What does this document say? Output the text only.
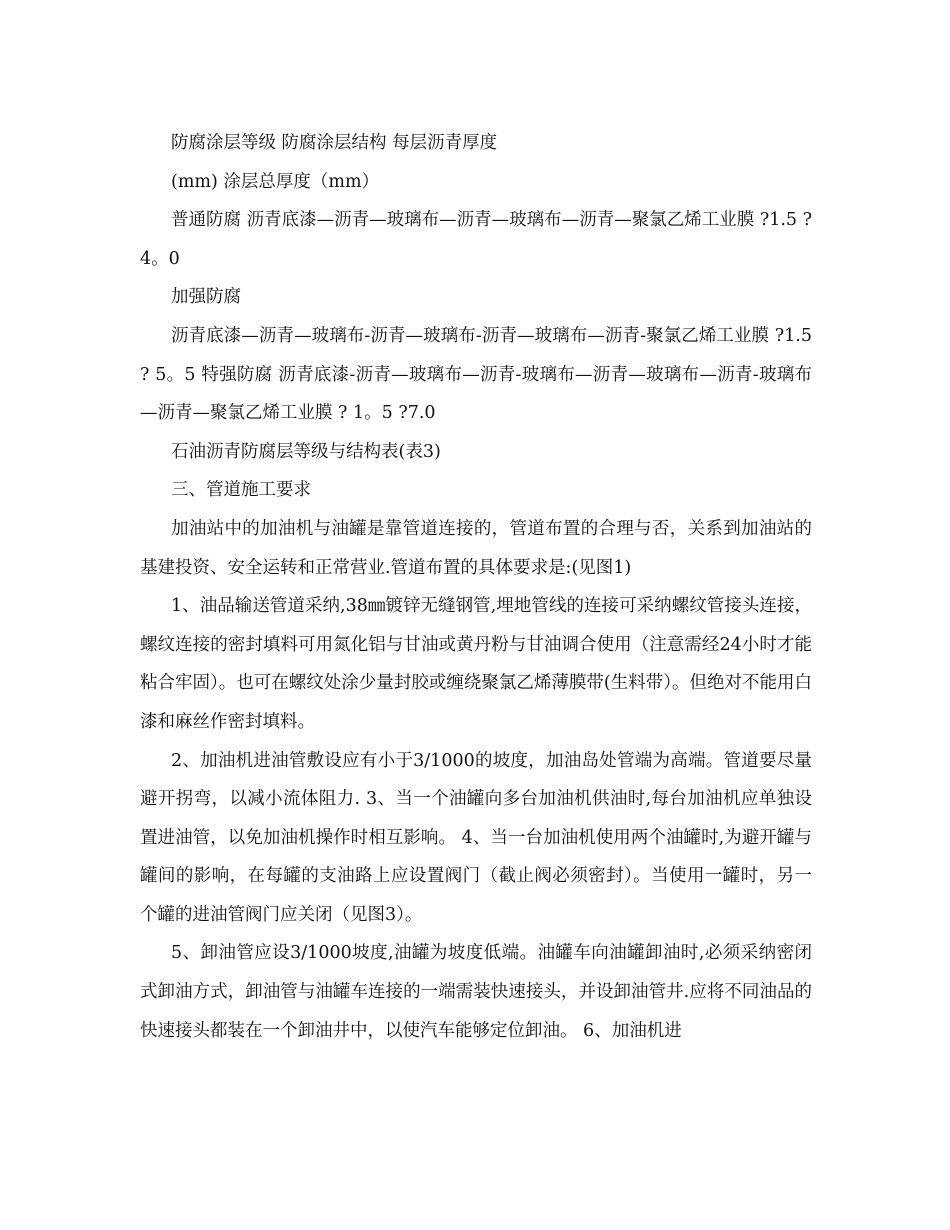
防腐涂层等级 防腐涂层结构 每层沥青厚度

(mm) 涂层总厚度（mm）

普通防腐 沥青底漆—沥青—玻璃布—沥青—玻璃布—沥青—聚氯乙烯工业膜 ?1.5 ? 4。0

加强防腐

沥青底漆—沥青—玻璃布-沥青—玻璃布-沥青—玻璃布—沥青-聚氯乙烯工业膜 ?1.5 ? 5。5 特强防腐 沥青底漆-沥青—玻璃布—沥青-玻璃布—沥青—玻璃布—沥青-玻璃布—沥青—聚氯乙烯工业膜 ? 1。5 ?7.0

石油沥青防腐层等级与结构表(表3)

三、管道施工要求

加油站中的加油机与油罐是靠管道连接的，管道布置的合理与否，关系到加油站的基建投资、安全运转和正常营业.管道布置的具体要求是:(见图1)

1、油品输送管道采纳,38㎜镀锌无缝钢管,埋地管线的连接可采纳螺纹管接头连接，螺纹连接的密封填料可用氮化铝与甘油或黄丹粉与甘油调合使用（注意需经24小时才能粘合牢固）。也可在螺纹处涂少量封胶或缠绕聚氯乙烯薄膜带(生料带）。但绝对不能用白漆和麻丝作密封填料。

2、加油机进油管敷设应有小于3/1000的坡度，加油岛处管端为高端。管道要尽量避开拐弯，以减小流体阻力. 3、当一个油罐向多台加油机供油时,每台加油机应单独设置进油管，以免加油机操作时相互影响。 4、当一台加油机使用两个油罐时,为避开罐与罐间的影响，在每罐的支油路上应设置阀门（截止阀必须密封）。当使用一罐时，另一个罐的进油管阀门应关闭（见图3）。

5、卸油管应设3/1000坡度,油罐为坡度低端。油罐车向油罐卸油时,必须采纳密闭式卸油方式，卸油管与油罐车连接的一端需装快速接头，并设卸油管井.应将不同油品的快速接头都装在一个卸油井中，以使汽车能够定位卸油。 6、加油机进
